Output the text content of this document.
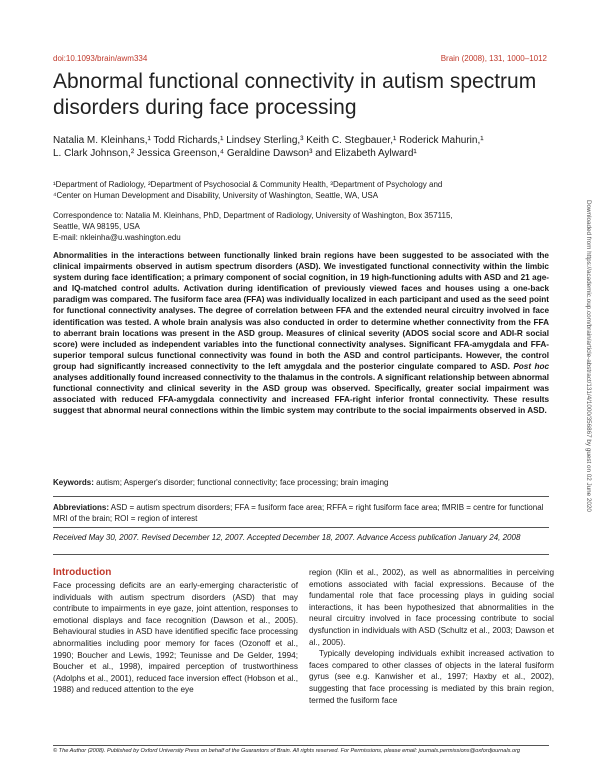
doi:10.1093/brain/awm334	Brain (2008), 131, 1000–1012
Abnormal functional connectivity in autism spectrum disorders during face processing
Natalia M. Kleinhans,¹ Todd Richards,¹ Lindsey Sterling,³ Keith C. Stegbauer,¹ Roderick Mahurin,¹
L. Clark Johnson,² Jessica Greenson,⁴ Geraldine Dawson³ and Elizabeth Aylward¹
¹Department of Radiology, ²Department of Psychosocial & Community Health, ³Department of Psychology and
⁴Center on Human Development and Disability, University of Washington, Seattle, WA, USA
Correspondence to: Natalia M. Kleinhans, PhD, Department of Radiology, University of Washington, Box 357115,
Seattle, WA 98195, USA
E-mail: nkleinha@u.washington.edu
Abnormalities in the interactions between functionally linked brain regions have been suggested to be associated with the clinical impairments observed in autism spectrum disorders (ASD). We investigated functional connectivity within the limbic system during face identification; a primary component of social cognition, in 19 high-functioning adults with ASD and 21 age-and IQ-matched control adults. Activation during identification of previously viewed faces and houses using a one-back paradigm was compared. The fusiform face area (FFA) was individually localized in each participant and used as the seed point for functional connectivity analyses. The degree of correlation between FFA and the extended neural circuitry involved in face identification was tested. A whole brain analysis was also conducted in order to determine whether connectivity from the FFA to aberrant brain locations was present in the ASD group. Measures of clinical severity (ADOS social score and ADI-R social score) were included as independent variables into the functional connectivity analyses. Significant FFA-amygdala and FFA-superior temporal sulcus functional connectivity was found in both the ASD and control participants. However, the control group had significantly increased connectivity to the left amygdala and the posterior cingulate compared to ASD. Post hoc analyses additionally found increased connectivity to the thalamus in the controls. A significant relationship between abnormal functional connectivity and clinical severity in the ASD group was observed. Specifically, greater social impairment was associated with reduced FFA-amygdala connectivity and increased FFA-right inferior frontal connectivity. These results suggest that abnormal neural connections within the limbic system may contribute to the social impairments observed in ASD.
Keywords: autism; Asperger's disorder; functional connectivity; face processing; brain imaging
Abbreviations: ASD = autism spectrum disorders; FFA = fusiform face area; RFFA = right fusiform face area; fMRIB = centre for functional MRI of the brain; ROI = region of interest
Received May 30, 2007. Revised December 12, 2007. Accepted December 18, 2007. Advance Access publication January 24, 2008
Introduction

Face processing deficits are an early-emerging characteristic of individuals with autism spectrum disorders (ASD) that may contribute to impairments in eye gaze, joint attention, responses to emotional displays and face recognition (Dawson et al., 2005). Behavioural studies in ASD have identified specific face processing abnormalities including poor memory for faces (Ozonoff et al., 1990; Boucher and Lewis, 1992; Teunisse and De Gelder, 1994; Boucher et al., 1998), impaired perception of trustworthiness (Adolphs et al., 2001), reduced face inversion effect (Hobson et al., 1988) and reduced attention to the eye

region (Klin et al., 2002), as well as abnormalities in perceiving emotions associated with facial expressions. Because of the fundamental role that face processing plays in guiding social interactions, it has been hypothesized that abnormalities in the neural circuitry involved in face processing contribute to social dysfunction in individuals with ASD (Schultz et al., 2003; Dawson et al., 2005).

Typically developing individuals exhibit increased activation to faces compared to other classes of objects in the lateral fusiform gyrus (see e.g. Kanwisher et al., 1997; Haxby et al., 2002), suggesting that face processing is mediated by this brain region, termed the fusiform face

© The Author (2008). Published by Oxford University Press on behalf of the Guarantors of Brain. All rights reserved. For Permissions, please email: journals.permissions@oxfordjournals.org
Downloaded from https://academic.oup.com/brain/article-abstract/131/4/1000/356867 by guest on 02 June 2020
